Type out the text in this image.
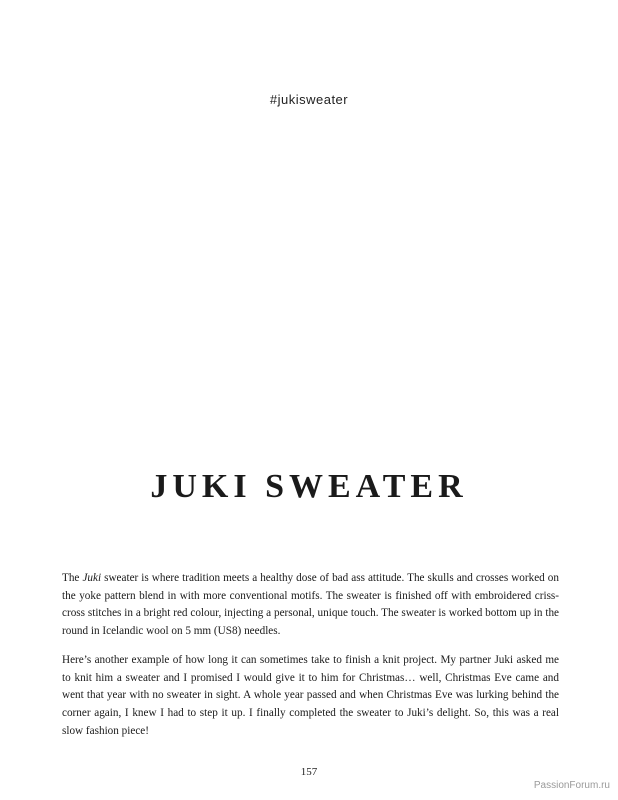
#jukisweater
JUKI SWEATER

The Juki sweater is where tradition meets a healthy dose of bad ass attitude. The skulls and crosses worked on the yoke pattern blend in with more conventional motifs. The sweater is finished off with embroidered criss-cross stitches in a bright red colour, injecting a personal, unique touch. The sweater is worked bottom up in the round in Icelandic wool on 5 mm (US8) needles.

Here’s another example of how long it can sometimes take to finish a knit project. My partner Juki asked me to knit him a sweater and I promised I would give it to him for Christmas… well, Christmas Eve came and went that year with no sweater in sight. A whole year passed and when Christmas Eve was lurking behind the corner again, I knew I had to step it up. I finally completed the sweater to Juki’s delight. So, this was a real slow fashion piece!

157
PassionForum.ru
